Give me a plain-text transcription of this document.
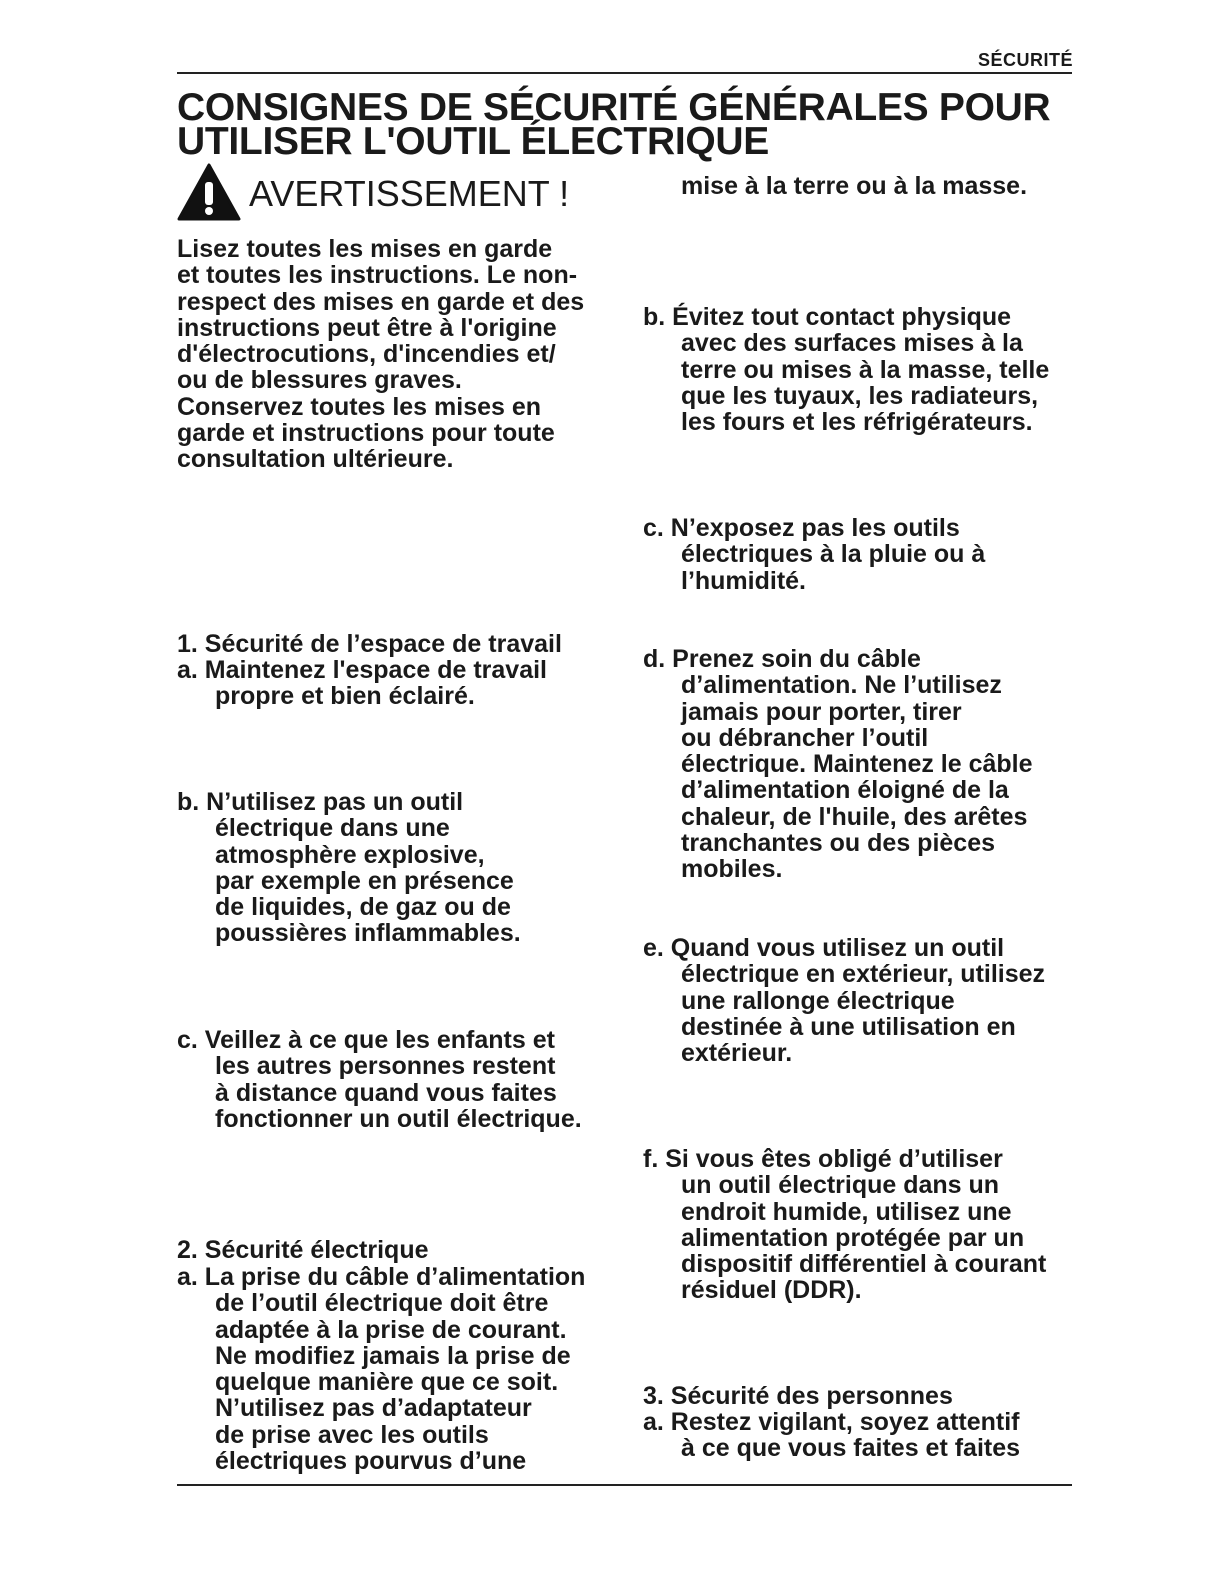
SÉCURITÉ
CONSIGNES DE SÉCURITÉ GÉNÉRALES POUR
UTILISER L'OUTIL ÉLECTRIQUE
AVERTISSEMENT !
Lisez toutes les mises en garde
et toutes les instructions. Le non-
respect des mises en garde et des
instructions peut être à l'origine
d'électrocutions, d'incendies et/
ou de blessures graves.
Conservez toutes les mises en
garde et instructions pour toute
consultation ultérieure.
1. Sécurité de l’espace de travail
a. Maintenez l'espace de travail
propre et bien éclairé.
b. N’utilisez pas un outil
électrique dans une
atmosphère explosive,
par exemple en présence
de liquides, de gaz ou de
poussières inflammables.
c. Veillez à ce que les enfants et
les autres personnes restent
à distance quand vous faites
fonctionner un outil électrique.
2. Sécurité électrique
a. La prise du câble d’alimentation
de l’outil électrique doit être
adaptée à la prise de courant.
Ne modifiez jamais la prise de
quelque manière que ce soit.
N’utilisez pas d’adaptateur
de prise avec les outils
électriques pourvus d’une
mise à la terre ou à la masse.
b. Évitez tout contact physique
avec des surfaces mises à la
terre ou mises à la masse, telle
que les tuyaux, les radiateurs,
les fours et les réfrigérateurs.
c. N’exposez pas les outils
électriques à la pluie ou à
l’humidité.
d. Prenez soin du câble
d’alimentation. Ne l’utilisez
jamais pour porter, tirer
ou débrancher l’outil
électrique. Maintenez le câble
d’alimentation éloigné de la
chaleur, de l'huile, des arêtes
tranchantes ou des pièces
mobiles.
e. Quand vous utilisez un outil
électrique en extérieur, utilisez
une rallonge électrique
destinée à une utilisation en
extérieur.
f. Si vous êtes obligé d’utiliser
un outil électrique dans un
endroit humide, utilisez une
alimentation protégée par un
dispositif différentiel à courant
résiduel (DDR).
3. Sécurité des personnes
a. Restez vigilant, soyez attentif
à ce que vous faites et faites
